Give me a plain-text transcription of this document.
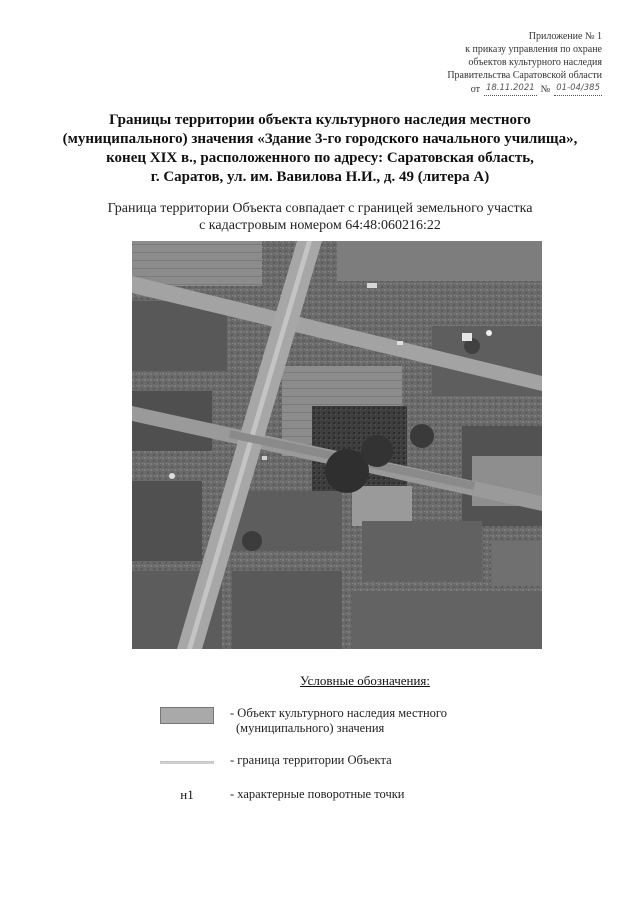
Приложение № 1
к приказу управления по охране
объектов культурного наследия
Правительства Саратовской области
от 18.11.2021 № 01-04/385
Границы территории объекта культурного наследия местного
(муниципального) значения «Здание 3-го городского начального училища»,
конец XIX в., расположенного по адресу: Саратовская область,
г. Саратов, ул. им. Вавилова Н.И., д. 49 (литера А)
Граница территории Объекта совпадает с границей земельного участка
с кадастровым номером 64:48:060216:22
Условные обозначения:
- Объект культурного наследия местного
(муниципального) значения
- граница территории Объекта
н1	- характерные поворотные точки
